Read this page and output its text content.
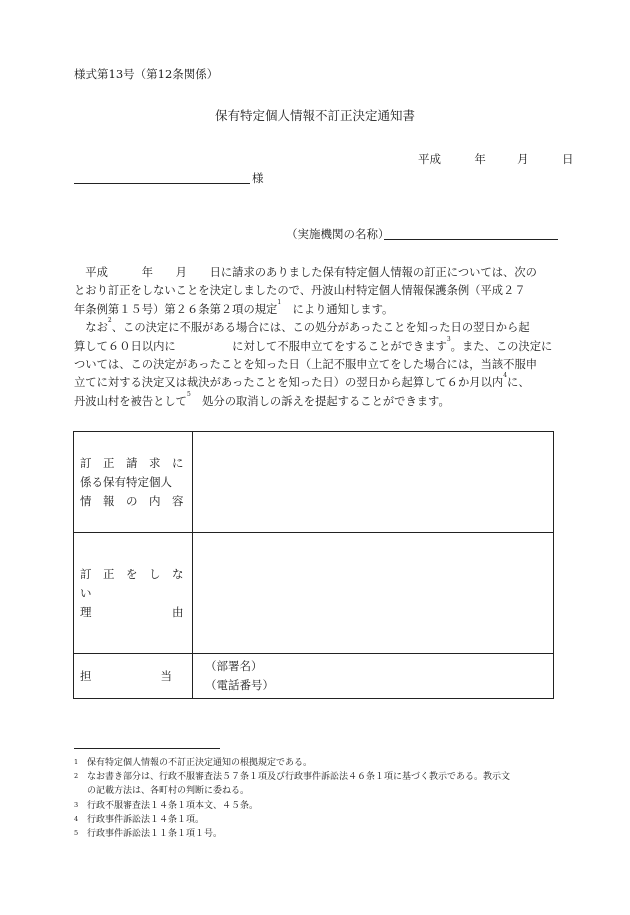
様式第13号（第12条関係）
保有特定個人情報不訂正決定通知書
平成	年	月	日
様
（実施機関の名称）
　平成　　　年　　月　　日に請求のありました保有特定個人情報の訂正については、次の
とおり訂正をしないことを決定しましたので、丹波山村特定個人情報保護条例（平成２７
年条例第１５号）第２６条第２項の規定$^1$　により通知します。
　なお$^2$、この決定に不服がある場合には、この処分があったことを知った日の翌日から起
算して６０日以内に　　　　　に対して不服申立てをすることができます$^3$。また、この決定に
ついては、この決定があったことを知った日（上記不服申立てをした場合には，当該不服申
立てに対する決定又は裁決があったことを知った日）の翌日から起算して６か月以内$^4$に、
丹波山村を被告として$^5$　処分の取消しの訴えを提起することができます。
訂　正　請　求　に
係る保有特定個人
情　報　の　内　容	

訂　正　を　し　な　い
理　　　　　　　由	

担　　　　　　当	（部署名）
（電話番号）
1 保有特定個人情報の不訂正決定通知の根拠規定である。
2 なお書き部分は、行政不服審査法５７条１項及び行政事件訴訟法４６条１項に基づく教示である。教示文
の記載方法は、各町村の判断に委ねる。
3 行政不服審査法１４条１項本文、４５条。
4 行政事件訴訟法１４条１項。
5 行政事件訴訟法１１条１項１号。
